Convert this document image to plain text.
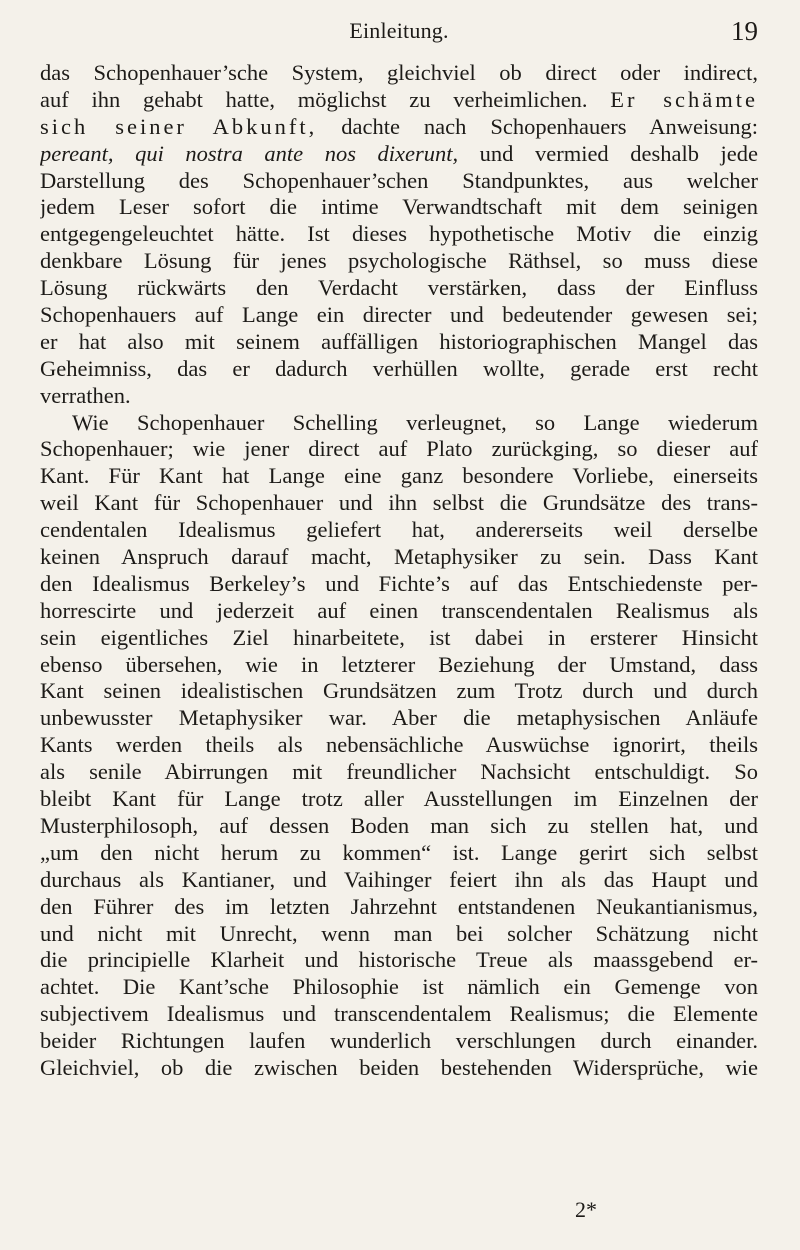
Einleitung.	19
das Schopenhauer’sche System, gleichviel ob direct oder indirect,
auf ihn gehabt hatte, möglichst zu verheimlichen. Er schämte
sich seiner Abkunft, dachte nach Schopenhauers Anweisung:
pereant, qui nostra ante nos dixerunt, und vermied deshalb jede
Darstellung des Schopenhauer’schen Standpunktes, aus welcher
jedem Leser sofort die intime Verwandtschaft mit dem seinigen
entgegengeleuchtet hätte. Ist dieses hypothetische Motiv die einzig
denkbare Lösung für jenes psychologische Räthsel, so muss diese
Lösung rückwärts den Verdacht verstärken, dass der Einfluss
Schopenhauers auf Lange ein directer und bedeutender gewesen sei;
er hat also mit seinem auffälligen historiographischen Mangel das
Geheimniss, das er dadurch verhüllen wollte, gerade erst recht
verrathen.
Wie Schopenhauer Schelling verleugnet, so Lange wiederum
Schopenhauer; wie jener direct auf Plato zurückging, so dieser auf
Kant. Für Kant hat Lange eine ganz besondere Vorliebe, einerseits
weil Kant für Schopenhauer und ihn selbst die Grundsätze des trans-
cendentalen Idealismus geliefert hat, andererseits weil derselbe
keinen Anspruch darauf macht, Metaphysiker zu sein. Dass Kant
den Idealismus Berkeley’s und Fichte’s auf das Entschiedenste per-
horrescirte und jederzeit auf einen transcendentalen Realismus als
sein eigentliches Ziel hinarbeitete, ist dabei in ersterer Hinsicht
ebenso übersehen, wie in letzterer Beziehung der Umstand, dass
Kant seinen idealistischen Grundsätzen zum Trotz durch und durch
unbewusster Metaphysiker war. Aber die metaphysischen Anläufe
Kants werden theils als nebensächliche Auswüchse ignorirt, theils
als senile Abirrungen mit freundlicher Nachsicht entschuldigt. So
bleibt Kant für Lange trotz aller Ausstellungen im Einzelnen der
Musterphilosoph, auf dessen Boden man sich zu stellen hat, und
„um den nicht herum zu kommen“ ist. Lange gerirt sich selbst
durchaus als Kantianer, und Vaihinger feiert ihn als das Haupt und
den Führer des im letzten Jahrzehnt entstandenen Neukantianismus,
und nicht mit Unrecht, wenn man bei solcher Schätzung nicht
die principielle Klarheit und historische Treue als maassgebend er-
achtet. Die Kant’sche Philosophie ist nämlich ein Gemenge von
subjectivem Idealismus und transcendentalem Realismus; die Elemente
beider Richtungen laufen wunderlich verschlungen durch einander.
Gleichviel, ob die zwischen beiden bestehenden Widersprüche, wie
2*
